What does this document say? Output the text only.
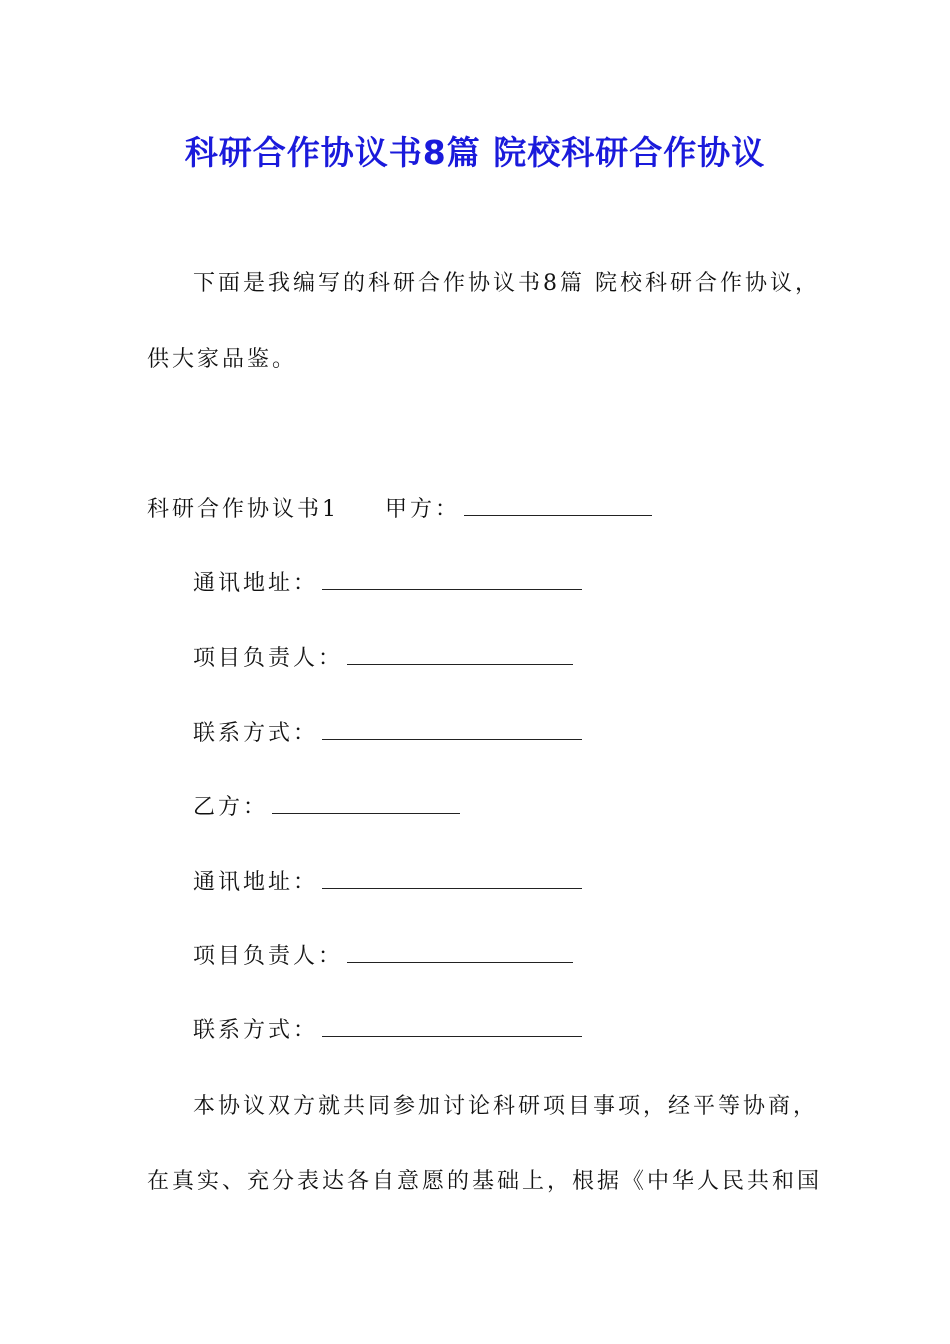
科研合作协议书8篇 院校科研合作协议
下面是我编写的科研合作协议书8篇 院校科研合作协议，
供大家品鉴。
科研合作协议书1 甲方：
通讯地址：
项目负责人：
联系方式：
乙方：
通讯地址：
项目负责人：
联系方式：
本协议双方就共同参加讨论科研项目事项，经平等协商，
在真实、充分表达各自意愿的基础上，根据《中华人民共和国
